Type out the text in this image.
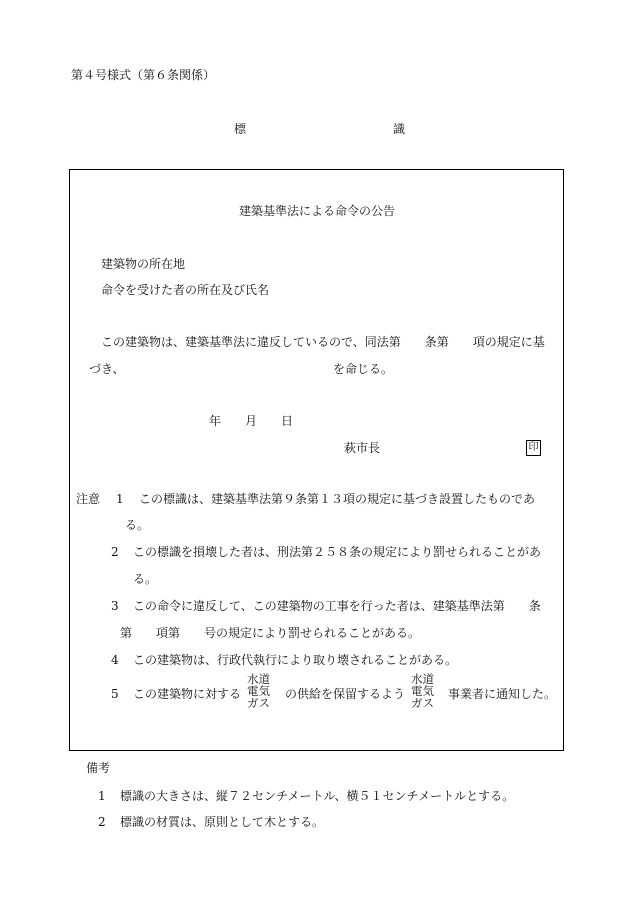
第４号様式（第６条関係）
標	識
建築基準法による命令の公告
建築物の所在地
命令を受けた者の所在及び氏名
この建築物は、建築基準法に違反しているので、同法第　　条第　　項の規定に基
づき、	を命じる。
年　　月　　日
萩市長	印
注意 1 この標識は、建築基準法第９条第１３項の規定に基づき設置したものであ
る。
2 この標識を損壊した者は、刑法第２５８条の規定により罰せられることがあ
る。
3 この命令に違反して、この建築物の工事を行った者は、建築基準法第　　条
第　　項第　　号の規定により罰せられることがある。
4 この建築物は、行政代執行により取り壊されることがある。
5 この建築物に対する
水道
電気
ガス
の供給を保留するよう
水道
電気
ガス
事業者に通知した。
備考
1 標識の大きさは、縦７２センチメートル、横５１センチメートルとする。
2 標識の材質は、原則として木とする。
